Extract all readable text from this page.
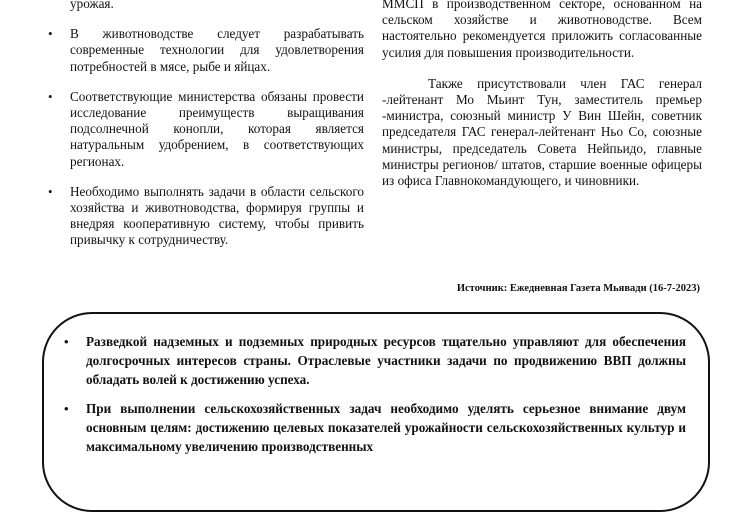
урожая.
• В животноводстве следует разрабатывать современные технологии для удовлетворения потребностей в мясе, рыбе и яйцах.
• Соответствующие министерства обязаны провести исследование преимуществ выращивания подсолнечной конопли, которая является натуральным удобрением, в соответствующих регионах.
• Необходимо выполнять задачи в области сельского хозяйства и животноводства, формируя группы и внедряя кооперативную систему, чтобы привить привычку к сотрудничеству.

ММСП в производственном секторе, основанном на сельском хозяйстве и животноводстве. Всем настоятельно рекомендуется приложить согласованные усилия для повышения производительности.

Также присутствовали член ГАС генерал -лейтенант Мо Мьинт Тун, заместитель премьер -министра, союзный министр У Вин Шейн, советник председателя ГАС генерал-лейтенант Ньо Со, союзные министры, председатель Совета Нейпьидо, главные министры регионов/ штатов, старшие военные офицеры из офиса Главнокомандующего, и чиновники.

Источник: Ежедневная Газета Мьявади (16-7-2023)
• Разведкой надземных и подземных природных ресурсов тщательно управляют для обеспечения долгосрочных интересов страны. Отраслевые участники задачи по продвижению ВВП должны обладать волей к достижению успеха.
• При выполнении сельскохозяйственных задач необходимо уделять серьезное внимание двум основным целям: достижению целевых показателей урожайности сельскохозяйственных культур и максимальному увеличению производственных
